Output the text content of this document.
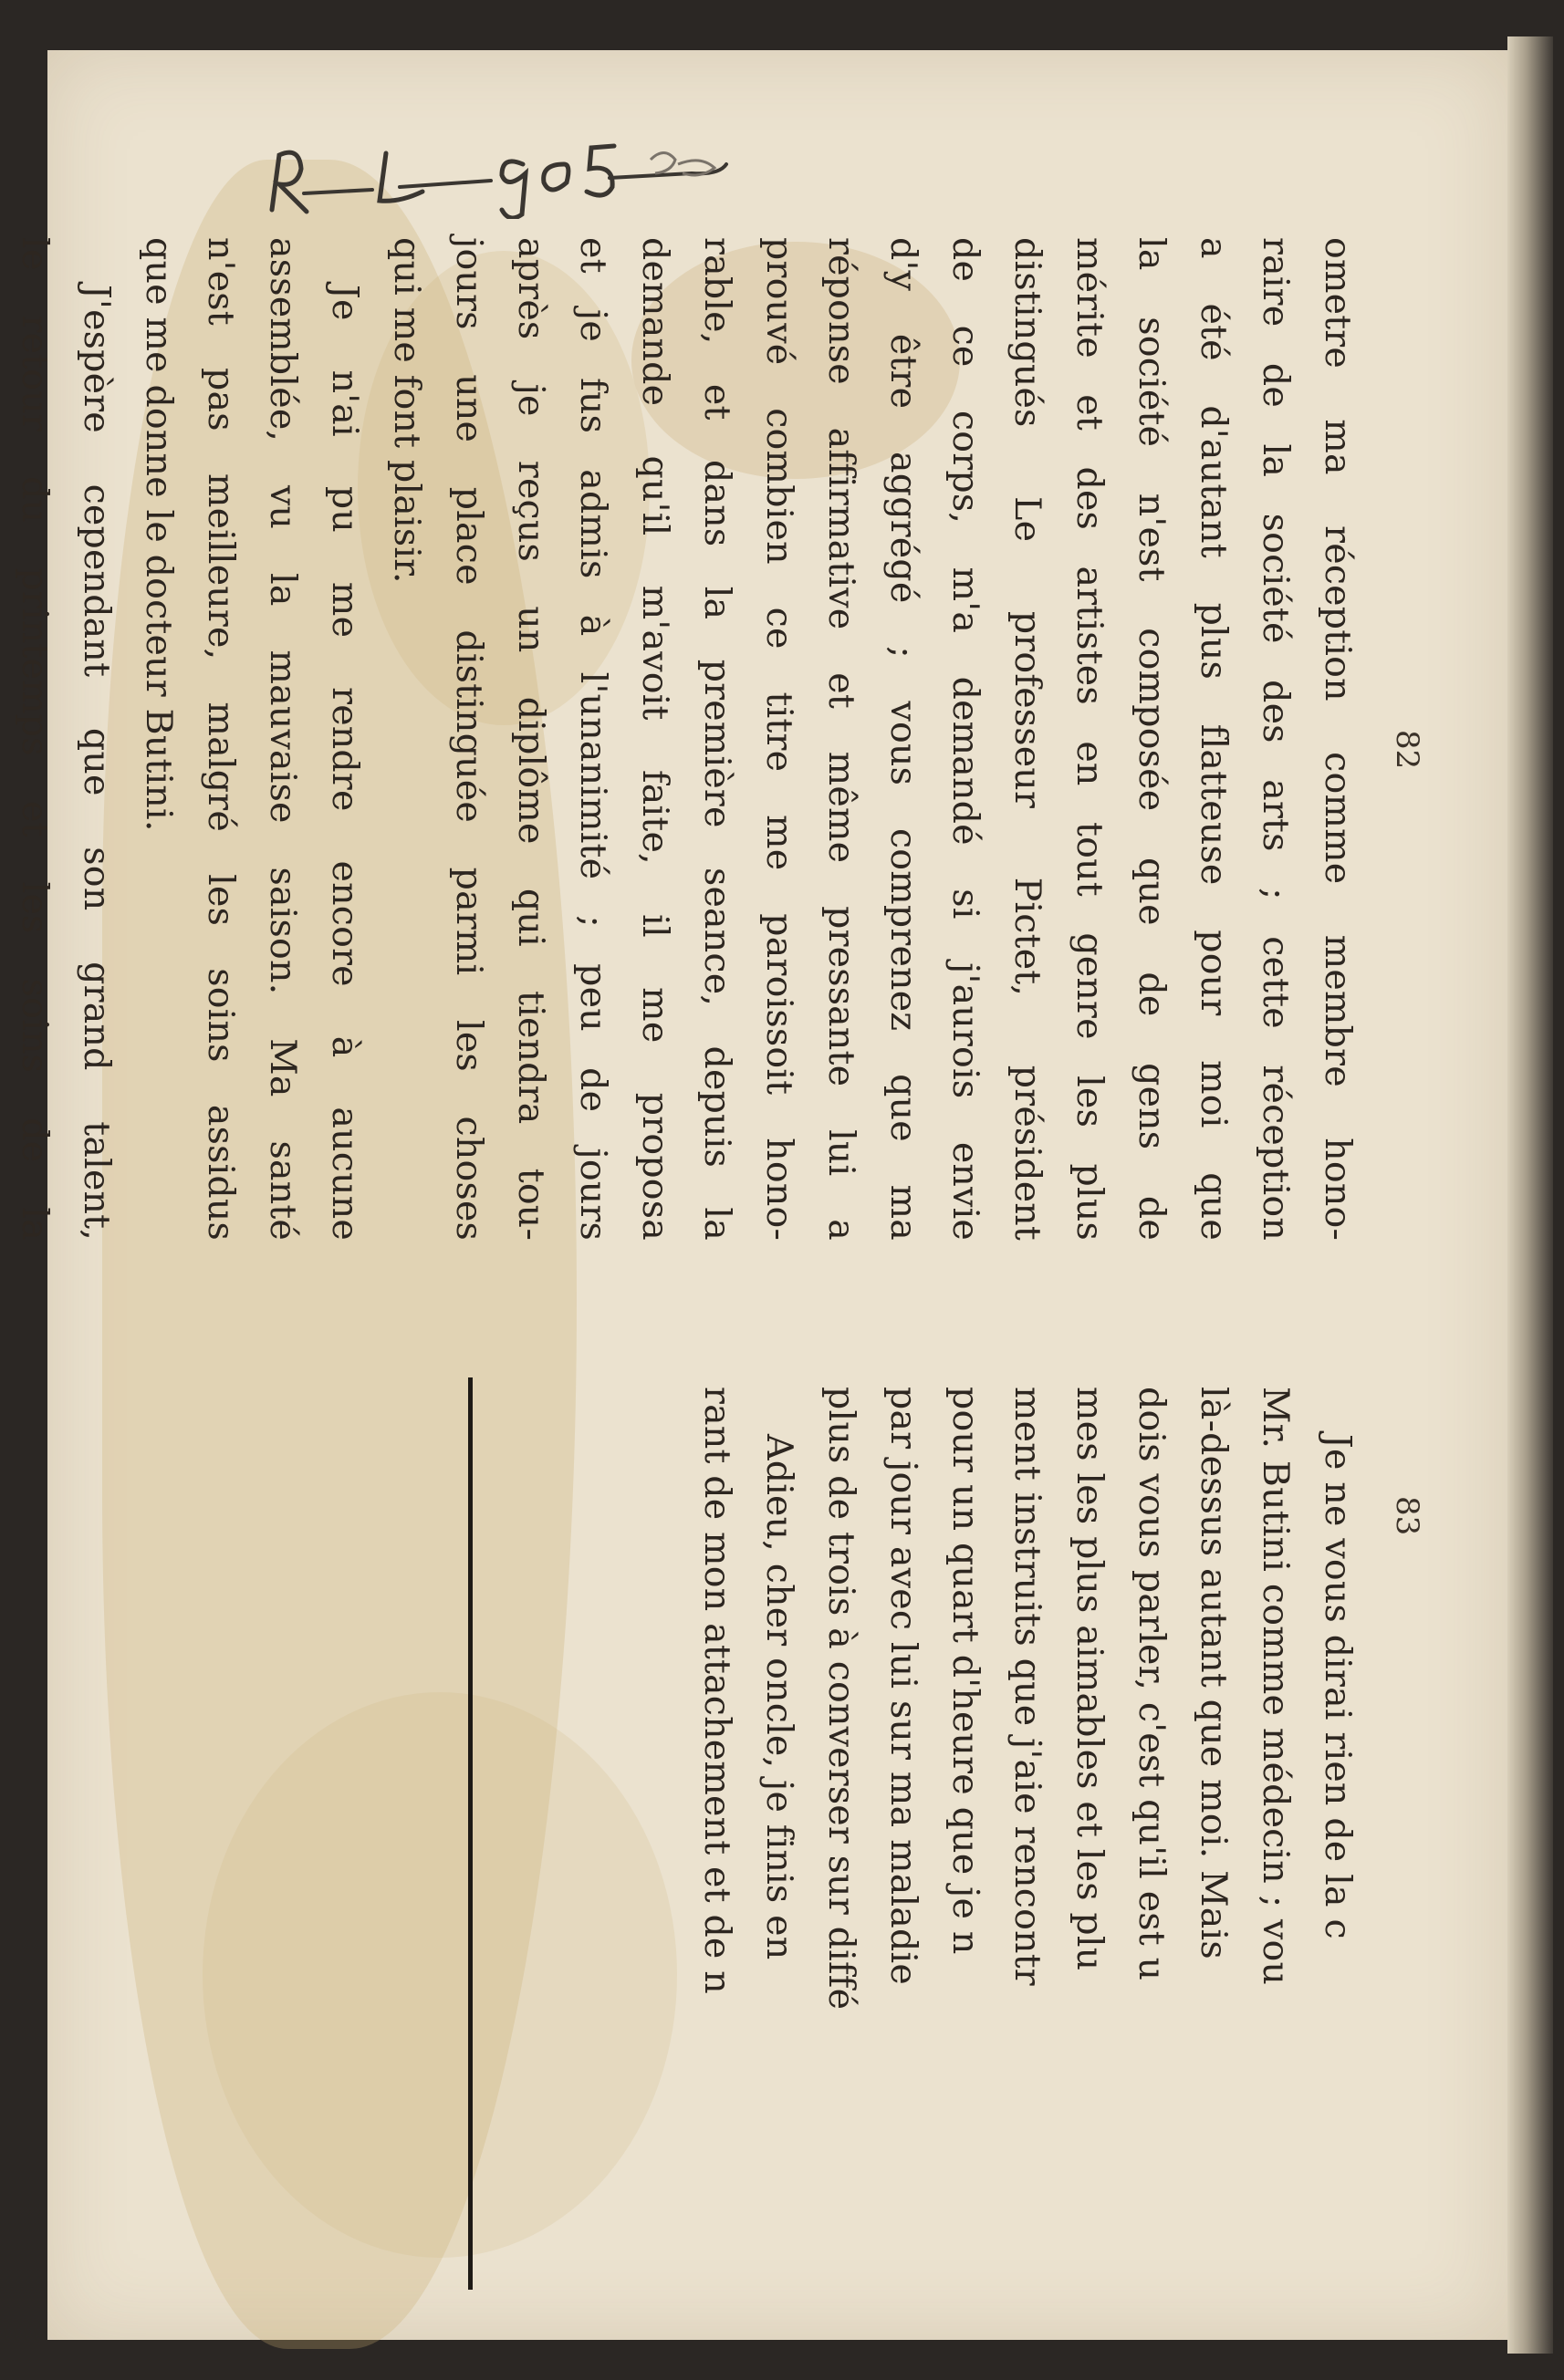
82
83
ometre ma réception comme membre hono-
raire de la société des arts ; cette réception
a été d'autant plus flatteuse pour moi que
la société n'est composée que de gens de
mérite et des artistes en tout genre les plus
distingués Le professeur Pictet, président
de ce corps, m'a demandé si j'aurois envie
d'y être aggrégé ; vous comprenez que ma
réponse affirmative et même pressante lui a
prouvé combien ce titre me paroissoit hono-
rable, et dans la première seance, depuis la
demande qu'il m'avoit faite, il me proposa
et je fus admis à l'unanimité ; peu de jours
après je reçus un diplôme qui tiendra tou-
jours une place distinguée parmi les choses
qui me font plaisir.
Je n'ai pu me rendre encore à aucune
assemblée, vu la mauvaise saison. Ma santé
n'est pas meilleure, malgré les soins assidus
que me donne le docteur Butini.
J'espère cependant que son grand talent,
le retour du printemps et les soins de la
Je ne vous dirai rien de la c
Mr. Butini comme médecin ; vou
là-dessus autant que moi. Mais
dois vous parler, c'est qu'il est u
mes les plus aimables et les plu
ment instruits que j'aie rencontr
pour un quart d'heure que je n
par jour avec lui sur ma maladie
plus de trois à converser sur diffé
Adieu, cher oncle, je finis en
rant de mon attachement et de n
